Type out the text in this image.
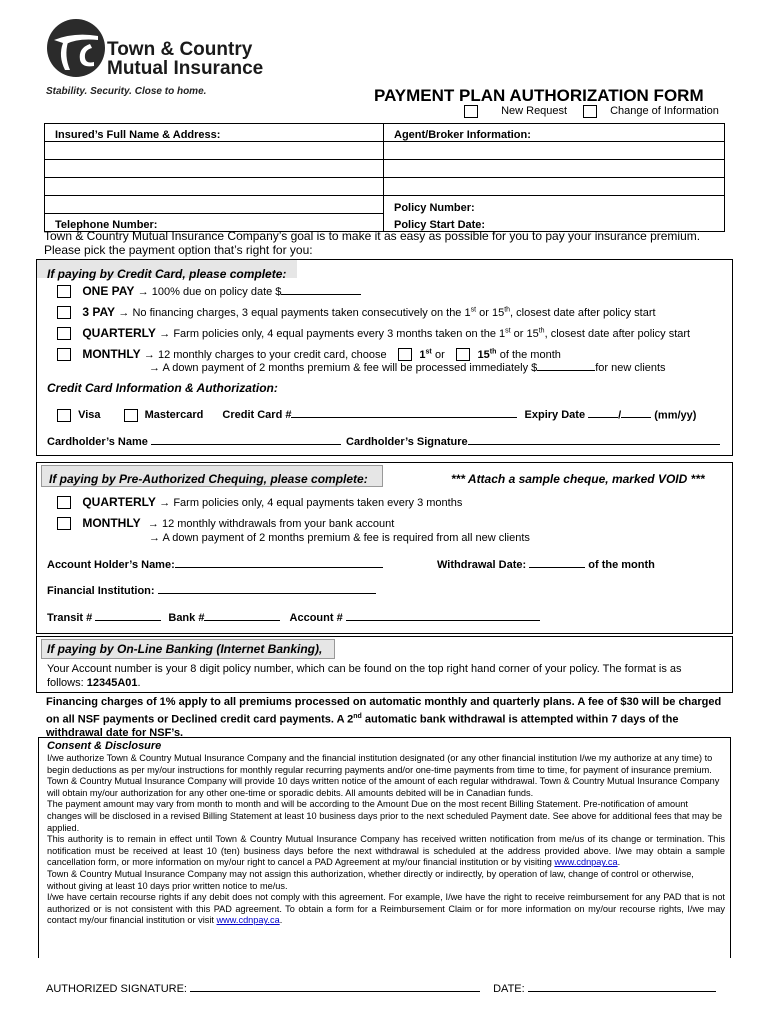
Town & Country
Mutual Insurance
Stability. Security. Close to home.	PAYMENT PLAN AUTHORIZATION FORM
New Request	Change of Information
Insured’s Full Name & Address:	Agent/Broker Information:

	Policy Number:
Telephone Number:	Policy Start Date:
Town & Country Mutual Insurance Company’s goal is to make it as easy as possible for you to pay your insurance premium. Please pick the payment option that’s right for you:
If paying by Credit Card, please complete:
ONE PAY → 100% due on policy date $
3 PAY → No financing charges, 3 equal payments taken consecutively on the 1st or 15th, closest date after policy start
QUARTERLY → Farm policies only, 4 equal payments every 3 months taken on the 1st or 15th, closest date after policy start
MONTHLY → 12 monthly charges to your credit card, choose	1st or	15th of the month
→ A down payment of 2 months premium & fee will be processed immediately $	for new clients
Credit Card Information & Authorization:
Visa	Mastercard Credit Card #	Expiry Date	/	(mm/yy)
Cardholder’s Name	Cardholder’s Signature
If paying by Pre-Authorized Chequing, please complete:	*** Attach a sample cheque, marked VOID ***
QUARTERLY → Farm policies only, 4 equal payments taken every 3 months
MONTHLY → 12 monthly withdrawals from your bank account
→ A down payment of 2 months premium & fee is required from all new clients
Account Holder’s Name:	Withdrawal Date:	of the month
Financial Institution:
Transit #	Bank #	Account #
If paying by On-Line Banking (Internet Banking),
Your Account number is your 8 digit policy number, which can be found on the top right hand corner of your policy. The format is as follows: 12345A01.
Financing charges of 1% apply to all premiums processed on automatic monthly and quarterly plans. A fee of $30 will be charged on all NSF payments or Declined credit card payments. A 2nd automatic bank withdrawal is attempted within 7 days of the withdrawal date for NSF’s.
Consent & Disclosure
I/we authorize Town & Country Mutual Insurance Company and the financial institution designated (or any other financial institution I/we my authorize at any time) to begin deductions as per my/our instructions for monthly regular recurring payments and/or one-time payments from time to time, for payment of insurance premium. Town & Country Mutual Insurance Company will provide 10 days written notice of the amount of each regular withdrawal. Town & Country Mutual Insurance Company will obtain my/our authorization for any other one-time or sporadic debits. All amounts debited will be in Canadian funds.
The payment amount may vary from month to month and will be according to the Amount Due on the most recent Billing Statement. Pre-notification of amount changes will be disclosed in a revised Billing Statement at least 10 business days prior to the next scheduled Payment date. See above for additional fees that may be applied.
This authority is to remain in effect until Town & Country Mutual Insurance Company has received written notification from me/us of its change or termination. This notification must be received at least 10 (ten) business days before the next withdrawal is scheduled at the address provided above. I/we may obtain a sample cancellation form, or more information on my/our right to cancel a PAD Agreement at my/our financial institution or by visiting www.cdnpay.ca.
Town & Country Mutual Insurance Company may not assign this authorization, whether directly or indirectly, by operation of law, change of control or otherwise, without giving at least 10 days prior written notice to me/us.
I/we have certain recourse rights if any debit does not comply with this agreement. For example, I/we have the right to receive reimbursement for any PAD that is not authorized or is not consistent with this PAD agreement. To obtain a form for a Reimbursement Claim or for more information on my/our recourse rights, I/we may contact my/our financial institution or visit www.cdnpay.ca.
AUTHORIZED SIGNATURE:	DATE:
